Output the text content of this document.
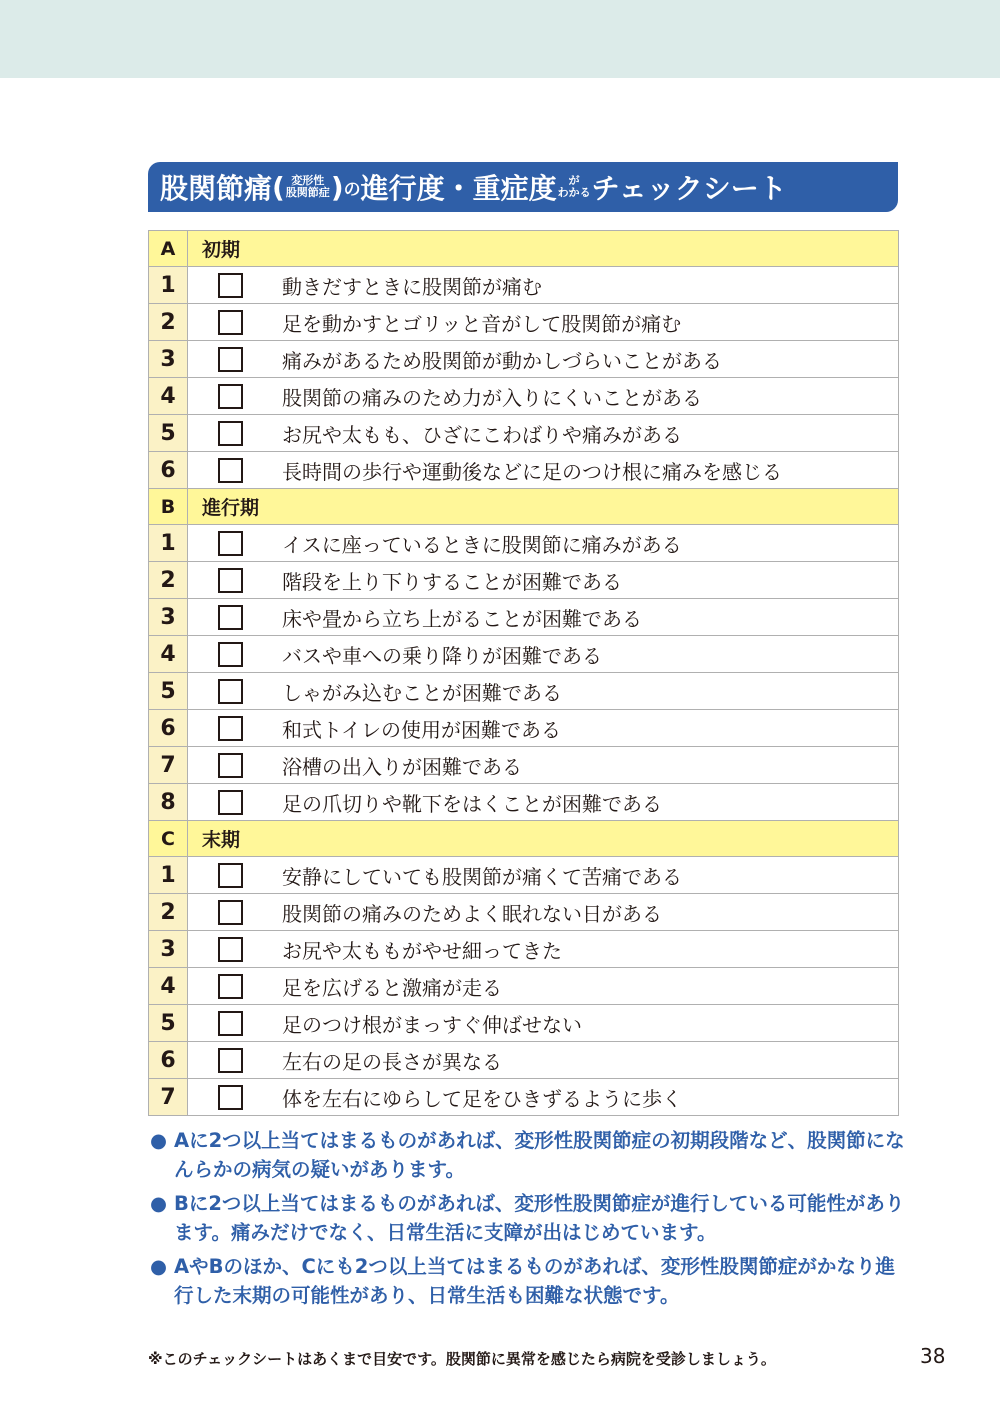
股関節痛 ( 変形性
股関節症 ) の 進行度・重症度	が
わかる チェックシート
A	初期
1	動きだすときに股関節が痛む

2	足を動かすとゴリッと音がして股関節が痛む

3	痛みがあるため股関節が動かしづらいことがある

4	股関節の痛みのため力が入りにくいことがある

5	お尻や太もも、ひざにこわばりや痛みがある

6	長時間の歩行や運動後などに足のつけ根に痛みを感じる

B	進行期
1	イスに座っているときに股関節に痛みがある

2	階段を上り下りすることが困難である

3	床や畳から立ち上がることが困難である

4	バスや車への乗り降りが困難である

5	しゃがみ込むことが困難である

6	和式トイレの使用が困難である

7	浴槽の出入りが困難である

8	足の爪切りや靴下をはくことが困難である

C	末期
1	安静にしていても股関節が痛くて苦痛である

2	股関節の痛みのためよく眠れない日がある

3	お尻や太ももがやせ細ってきた

4	足を広げると激痛が走る

5	足のつけ根がまっすぐ伸ばせない

6	左右の足の長さが異なる

7	体を左右にゆらして足をひきずるように歩く
● Aに2つ以上当てはまるものがあれば、変形性股関節症の初期段階など、股関節になんらかの病気の疑いがあります。
● Bに2つ以上当てはまるものがあれば、変形性股関節症が進行している可能性があります。痛みだけでなく、日常生活に支障が出はじめています。
● AやBのほか、Cにも2つ以上当てはまるものがあれば、変形性股関節症がかなり進行した末期の可能性があり、日常生活も困難な状態です。
※このチェックシートはあくまで目安です。股関節に異常を感じたら病院を受診しましょう。	38
